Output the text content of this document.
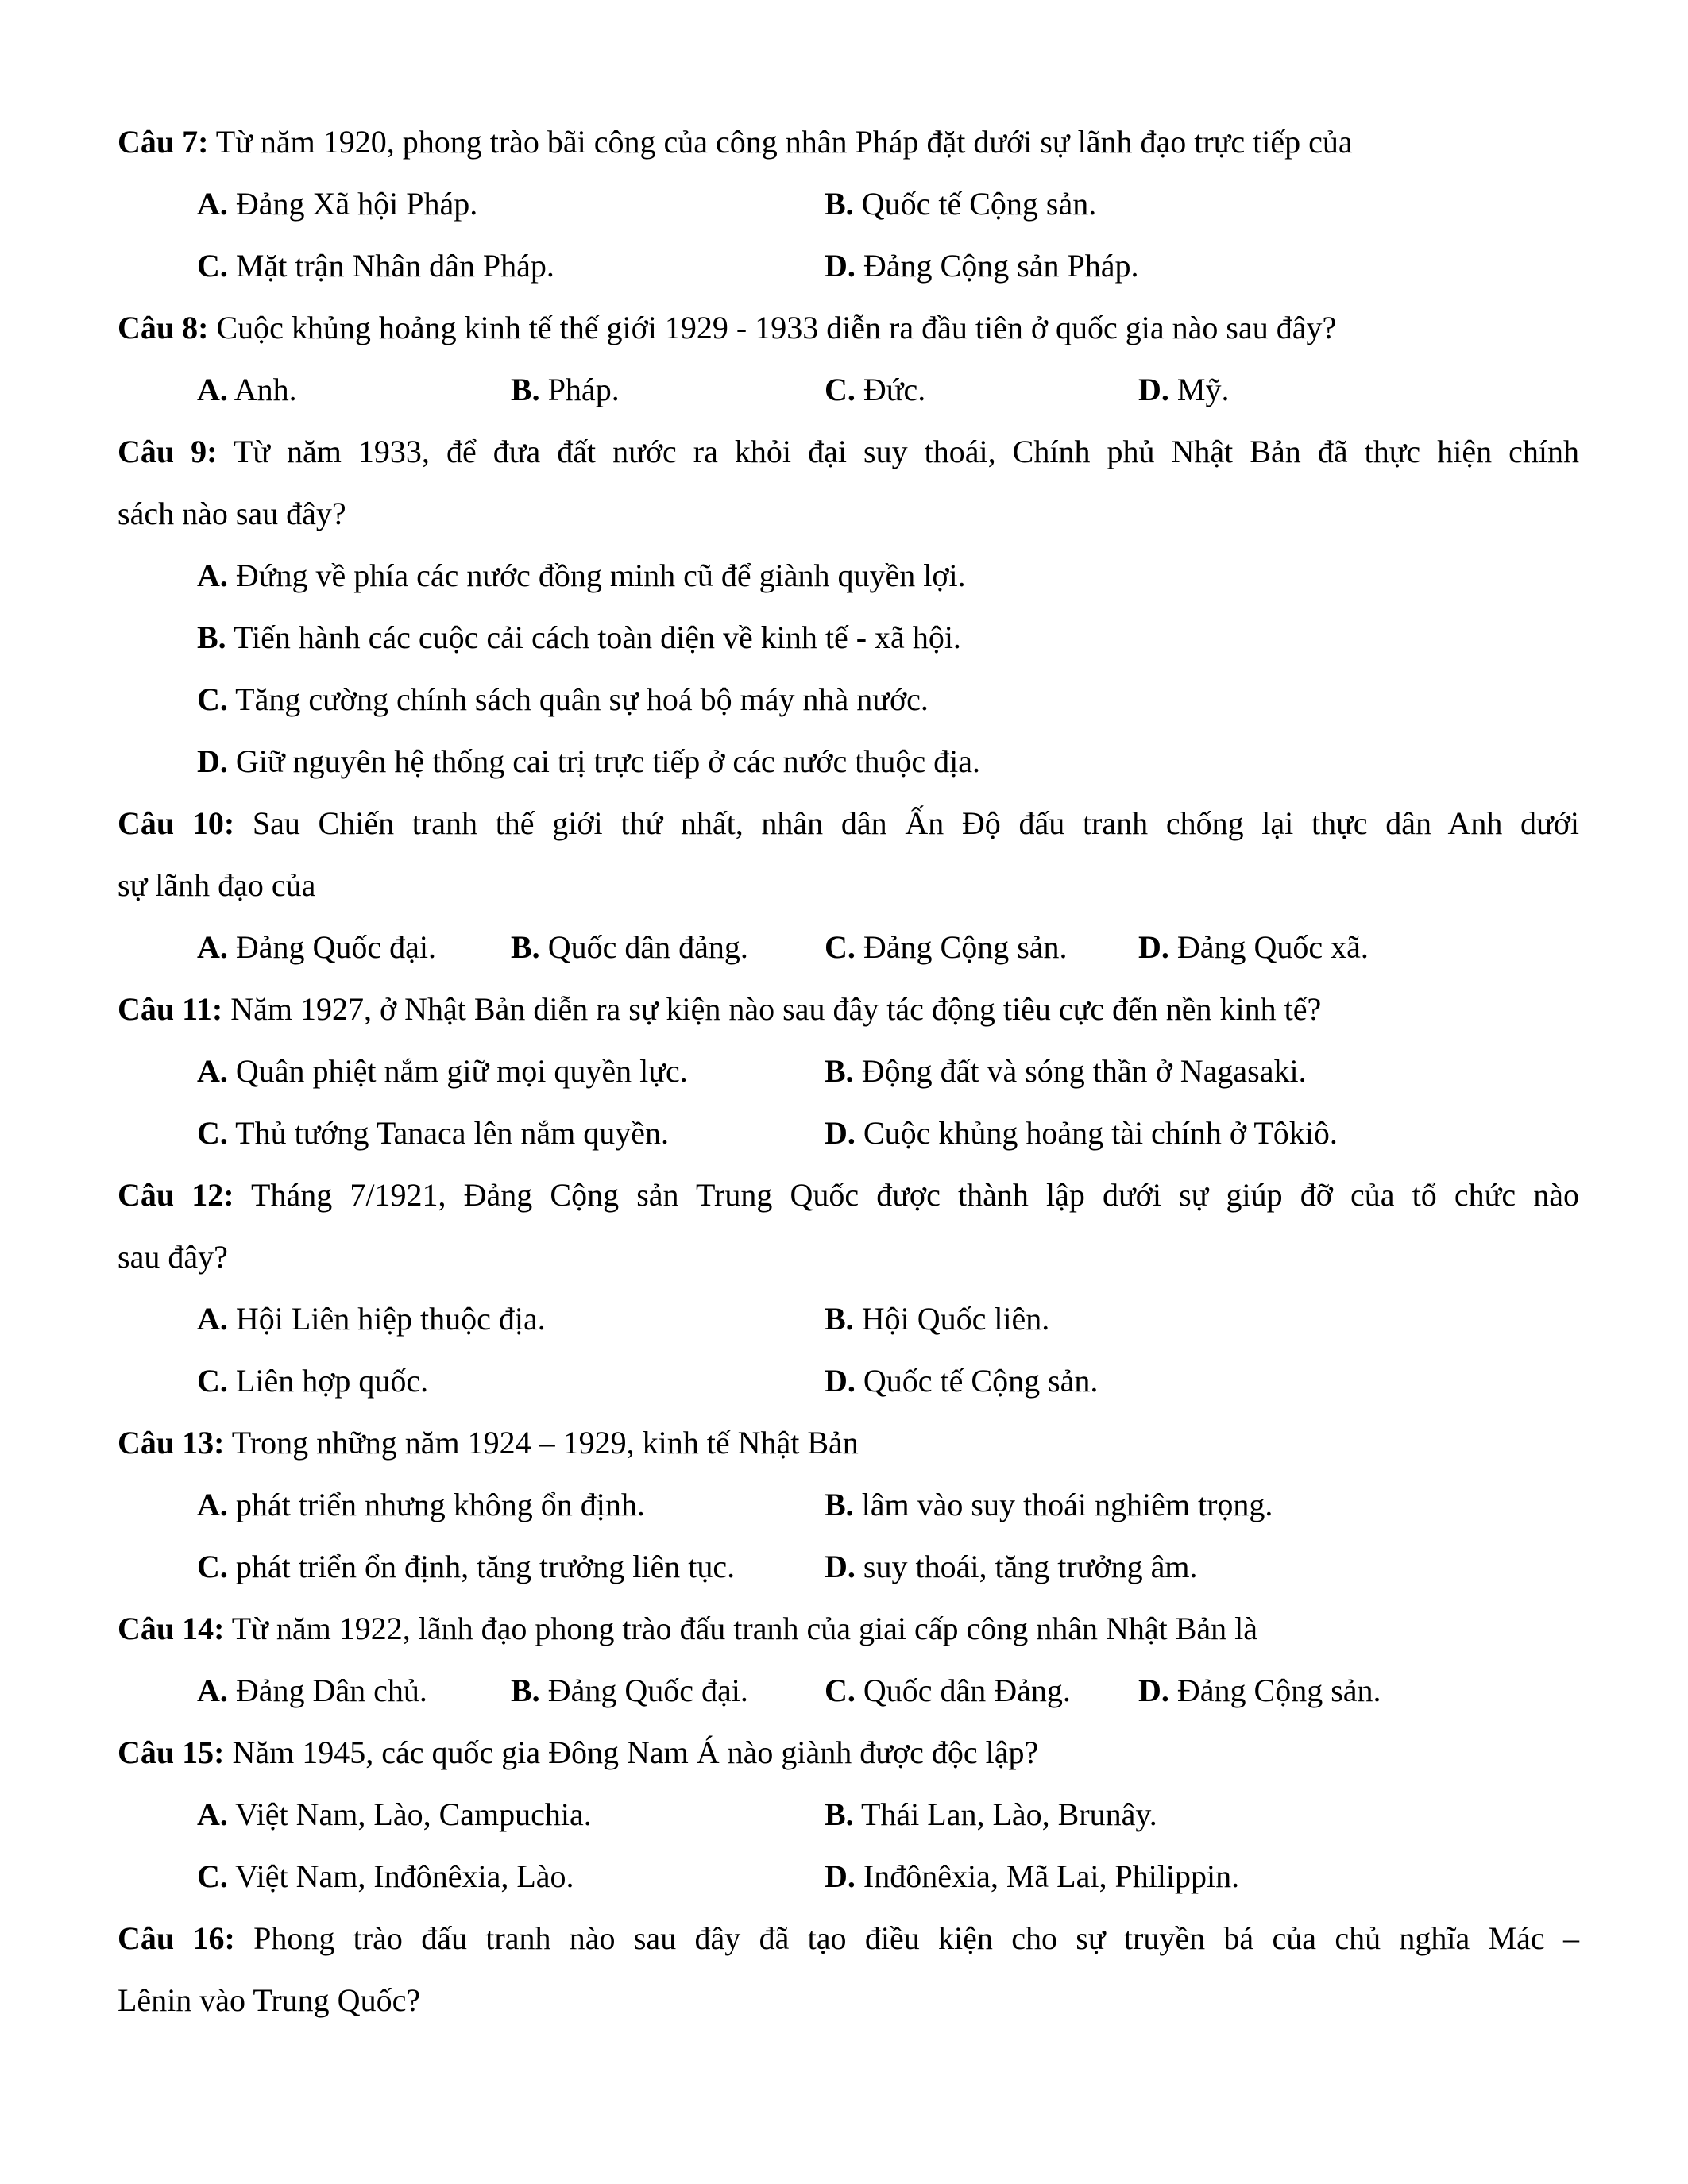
Câu 7: Từ năm 1920, phong trào bãi công của công nhân Pháp đặt dưới sự lãnh đạo trực tiếp của
A. Đảng Xã hội Pháp.	B. Quốc tế Cộng sản.
C. Mặt trận Nhân dân Pháp.	D. Đảng Cộng sản Pháp.
Câu 8: Cuộc khủng hoảng kinh tế thế giới 1929 - 1933 diễn ra đầu tiên ở quốc gia nào sau đây?
A. Anh.	B. Pháp.	C. Đức.	D. Mỹ.
Câu 9: Từ năm 1933, để đưa đất nước ra khỏi đại suy thoái, Chính phủ Nhật Bản đã thực hiện chính
sách nào sau đây?
A. Đứng về phía các nước đồng minh cũ để giành quyền lợi.
B. Tiến hành các cuộc cải cách toàn diện về kinh tế - xã hội.
C. Tăng cường chính sách quân sự hoá bộ máy nhà nước.
D. Giữ nguyên hệ thống cai trị trực tiếp ở các nước thuộc địa.
Câu 10: Sau Chiến tranh thế giới thứ nhất, nhân dân Ấn Độ đấu tranh chống lại thực dân Anh dưới
sự lãnh đạo của
A. Đảng Quốc đại.	B. Quốc dân đảng.	C. Đảng Cộng sản.	D. Đảng Quốc xã.
Câu 11: Năm 1927, ở Nhật Bản diễn ra sự kiện nào sau đây tác động tiêu cực đến nền kinh tế?
A. Quân phiệt nắm giữ mọi quyền lực.	B. Động đất và sóng thần ở Nagasaki.
C. Thủ tướng Tanaca lên nắm quyền.	D. Cuộc khủng hoảng tài chính ở Tôkiô.
Câu 12: Tháng 7/1921, Đảng Cộng sản Trung Quốc được thành lập dưới sự giúp đỡ của tổ chức nào
sau đây?
A. Hội Liên hiệp thuộc địa.	B. Hội Quốc liên.
C. Liên hợp quốc.	D. Quốc tế Cộng sản.
Câu 13: Trong những năm 1924 – 1929, kinh tế Nhật Bản
A. phát triển nhưng không ổn định.	B. lâm vào suy thoái nghiêm trọng.
C. phát triển ổn định, tăng trưởng liên tục.	D. suy thoái, tăng trưởng âm.
Câu 14: Từ năm 1922, lãnh đạo phong trào đấu tranh của giai cấp công nhân Nhật Bản là
A. Đảng Dân chủ.	B. Đảng Quốc đại.	C. Quốc dân Đảng.	D. Đảng Cộng sản.
Câu 15: Năm 1945, các quốc gia Đông Nam Á nào giành được độc lập?
A. Việt Nam, Lào, Campuchia.	B. Thái Lan, Lào, Brunây.
C. Việt Nam, Inđônêxia, Lào.	D. Inđônêxia, Mã Lai, Philippin.
Câu 16: Phong trào đấu tranh nào sau đây đã tạo điều kiện cho sự truyền bá của chủ nghĩa Mác –
Lênin vào Trung Quốc?
